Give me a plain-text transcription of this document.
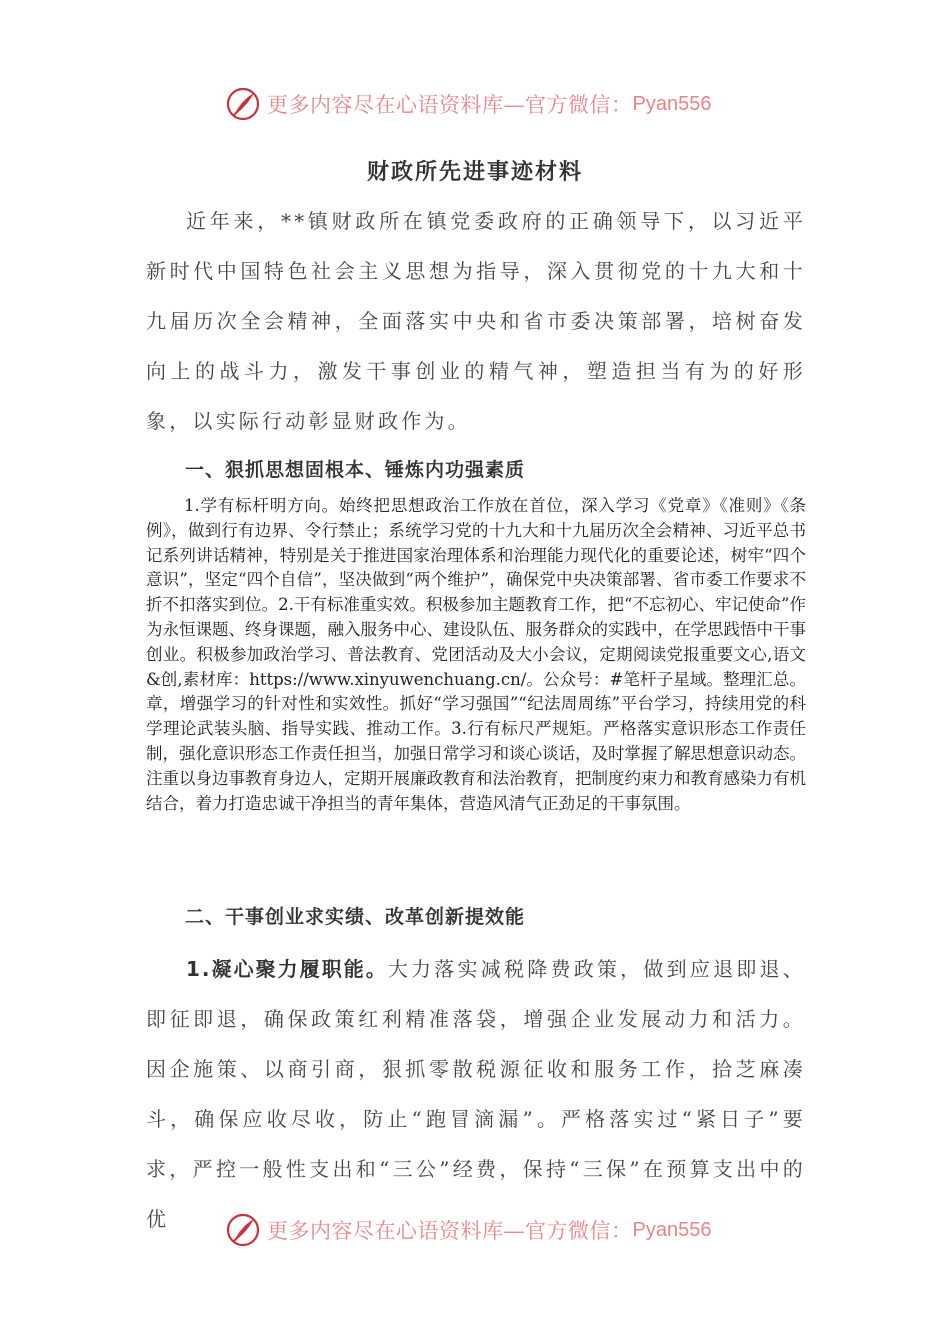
更多内容尽在心语资料库—官方微信： Pyan556
财政所先进事迹材料

近年来，**镇财政所在镇党委政府的正确领导下，以习近平新时代中国特色社会主义思想为指导，深入贯彻党的十九大和十九届历次全会精神，全面落实中央和省市委决策部署，培树奋发向上的战斗力，激发干事创业的精气神，塑造担当有为的好形象，以实际行动彰显财政作为。

一、狠抓思想固根本、锤炼内功强素质

1.学有标杆明方向。始终把思想政治工作放在首位，深入学习《党章》《准则》《条例》，做到行有边界、令行禁止；系统学习党的十九大和十九届历次全会精神、习近平总书记系列讲话精神，特别是关于推进国家治理体系和治理能力现代化的重要论述，树牢“四个意识”，坚定“四个自信”，坚决做到“两个维护”，确保党中央决策部署、省市委工作要求不折不扣落实到位。2.干有标准重实效。积极参加主题教育工作，把“不忘初心、牢记使命”作为永恒课题、终身课题，融入服务中心、建设队伍、服务群众的实践中，在学思践悟中干事创业。积极参加政治学习、普法教育、党团活动及大小会议，定期阅读党报重要文心,语文&创,素材库：https://www.xinyuwenchuang.cn/。公众号：#笔杆子星域。整理汇总。章，增强学习的针对性和实效性。抓好“学习强国”“纪法周周练”平台学习，持续用党的科学理论武装头脑、指导实践、推动工作。3.行有标尺严规矩。严格落实意识形态工作责任制，强化意识形态工作责任担当，加强日常学习和谈心谈话，及时掌握了解思想意识动态。注重以身边事教育身边人，定期开展廉政教育和法治教育，把制度约束力和教育感染力有机结合，着力打造忠诚干净担当的青年集体，营造风清气正劲足的干事氛围。

二、干事创业求实绩、改革创新提效能

1.凝心聚力履职能。大力落实减税降费政策，做到应退即退、即征即退，确保政策红利精准落袋，增强企业发展动力和活力。因企施策、以商引商，狠抓零散税源征收和服务工作，拾芝麻凑斗，确保应收尽收，防止“跑冒滴漏”。严格落实过“紧日子”要求，严控一般性支出和“三公”经费，保持“三保”在预算支出中的优	更多内容尽在心语资料库—官方微信： Pyan556
